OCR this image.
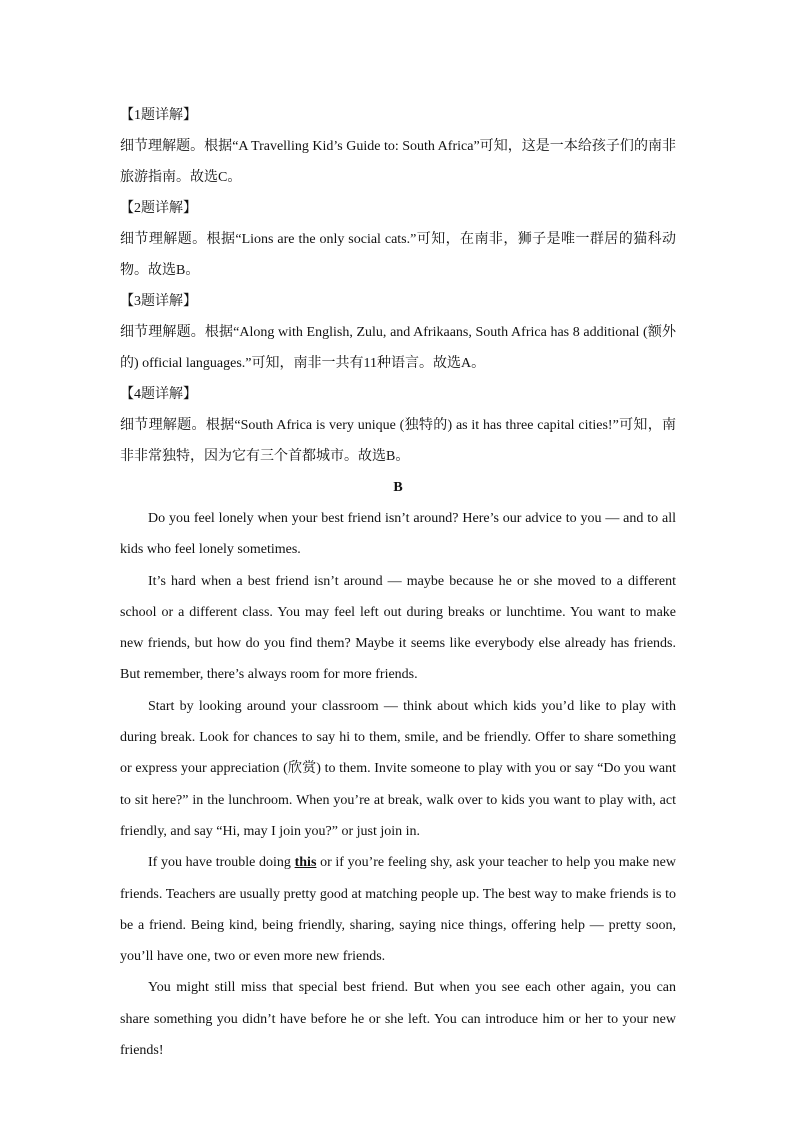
【1题详解】

细节理解题。根据“A Travelling Kid’s Guide to: South Africa”可知，这是一本给孩子们的南非旅游指南。故选C。

【2题详解】

细节理解题。根据“Lions are the only social cats.”可知，在南非，狮子是唯一群居的猫科动物。故选B。

【3题详解】

细节理解题。根据“Along with English, Zulu, and Afrikaans, South Africa has 8 additional (额外的) official languages.”可知，南非一共有11种语言。故选A。

【4题详解】

细节理解题。根据“South Africa is very unique (独特的) as it has three capital cities!”可知，南非非常独特，因为它有三个首都城市。故选B。

B

Do you feel lonely when your best friend isn’t around? Here’s our advice to you — and to all kids who feel lonely sometimes.

It’s hard when a best friend isn’t around — maybe because he or she moved to a different school or a different class. You may feel left out during breaks or lunchtime. You want to make new friends, but how do you find them? Maybe it seems like everybody else already has friends. But remember, there’s always room for more friends.

Start by looking around your classroom — think about which kids you’d like to play with during break. Look for chances to say hi to them, smile, and be friendly. Offer to share something or express your appreciation (欣赏) to them. Invite someone to play with you or say “Do you want to sit here?” in the lunchroom. When you’re at break, walk over to kids you want to play with, act friendly, and say “Hi, may I join you?” or just join in.

If you have trouble doing this or if you’re feeling shy, ask your teacher to help you make new friends. Teachers are usually pretty good at matching people up. The best way to make friends is to be a friend. Being kind, being friendly, sharing, saying nice things, offering help — pretty soon, you’ll have one, two or even more new friends.

You might still miss that special best friend. But when you see each other again, you can share something you didn’t have before he or she left. You can introduce him or her to your new friends!
